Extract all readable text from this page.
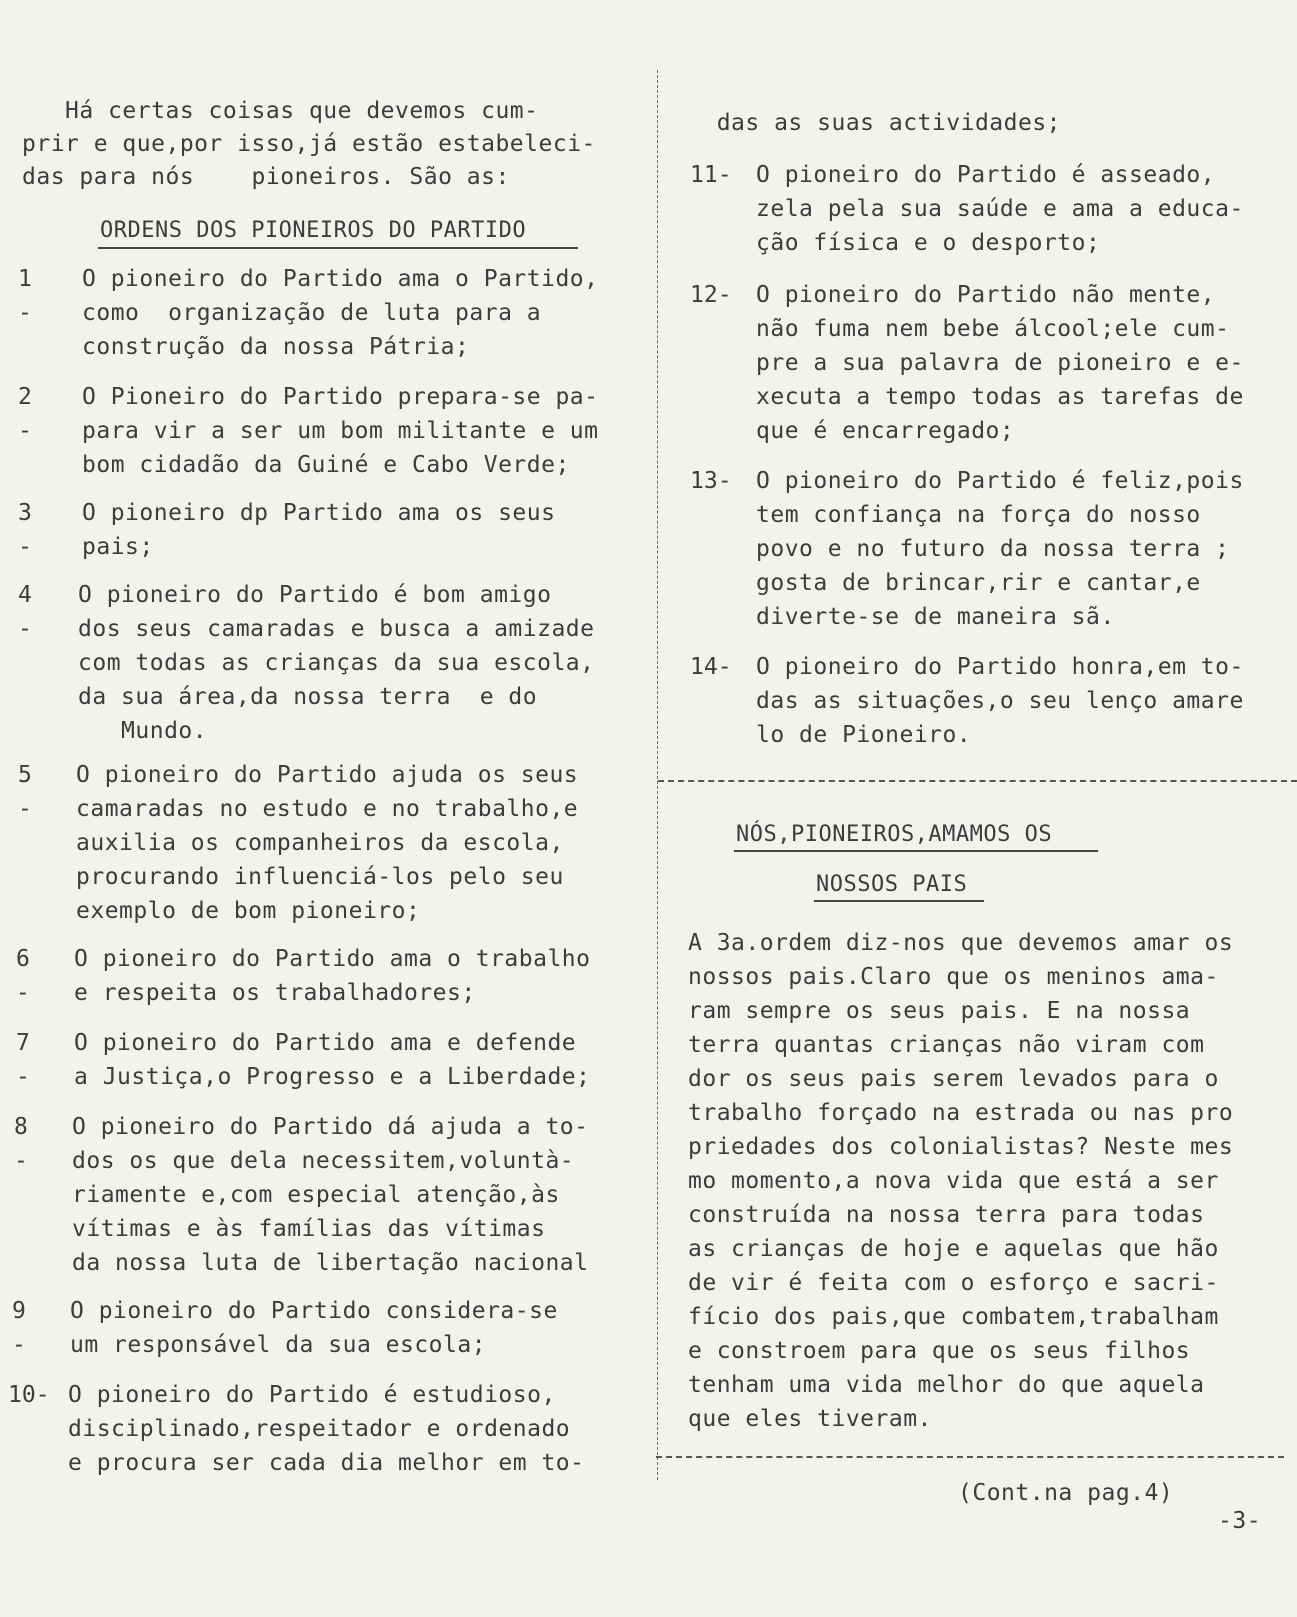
Há certas coisas que devemos cum-
prir e que,por isso,já estão estabeleci-
das para nós    pioneiros. São as:
ORDENS DOS PIONEIROS DO PARTIDO
1 -
O pioneiro do Partido ama o Partido,
como  organização de luta para a
construção da nossa Pátria;
2 -
O Pioneiro do Partido prepara-se pa-
para vir a ser um bom militante e um
bom cidadão da Guiné e Cabo Verde;
3 -
O pioneiro dp Partido ama os seus
pais;
4 -
O pioneiro do Partido é bom amigo
dos seus camaradas e busca a amizade
com todas as crianças da sua escola,
da sua área,da nossa terra  e do
Mundo.
5 -
O pioneiro do Partido ajuda os seus
camaradas no estudo e no trabalho,e
auxilia os companheiros da escola,
procurando influenciá-los pelo seu
exemplo de bom pioneiro;
6 -
O pioneiro do Partido ama o trabalho
e respeita os trabalhadores;
7 -
O pioneiro do Partido ama e defende
a Justiça,o Progresso e a Liberdade;
8 -
O pioneiro do Partido dá ajuda a to-
dos os que dela necessitem,voluntà-
riamente e,com especial atenção,às
vítimas e às famílias das vítimas
da nossa luta de libertação nacional
9 -
O pioneiro do Partido considera-se
um responsável da sua escola;
10- O pioneiro do Partido é estudioso,
disciplinado,respeitador e ordenado
e procura ser cada dia melhor em to-
das as suas actividades;
11- O pioneiro do Partido é asseado,
zela pela sua saúde e ama a educa-
ção física e o desporto;
12- O pioneiro do Partido não mente,
não fuma nem bebe álcool;ele cum-
pre a sua palavra de pioneiro e e-
xecuta a tempo todas as tarefas de
que é encarregado;
13- O pioneiro do Partido é feliz,pois
tem confiança na força do nosso
povo e no futuro da nossa terra ;
gosta de brincar,rir e cantar,e
diverte-se de maneira sã.
14- O pioneiro do Partido honra,em to-
das as situações,o seu lenço amare
lo de Pioneiro.
NÓS,PIONEIROS,AMAMOS OS
NOSSOS PAIS
A 3a.ordem diz-nos que devemos amar os
nossos pais.Claro que os meninos ama-
ram sempre os seus pais. E na nossa
terra quantas crianças não viram com
dor os seus pais serem levados para o
trabalho forçado na estrada ou nas pro
priedades dos colonialistas? Neste mes
mo momento,a nova vida que está a ser
construída na nossa terra para todas
as crianças de hoje e aquelas que hão
de vir é feita com o esforço e sacri-
fício dos pais,que combatem,trabalham
e constroem para que os seus filhos
tenham uma vida melhor do que aquela
que eles tiveram.
(Cont.na pag.4)
-3-
